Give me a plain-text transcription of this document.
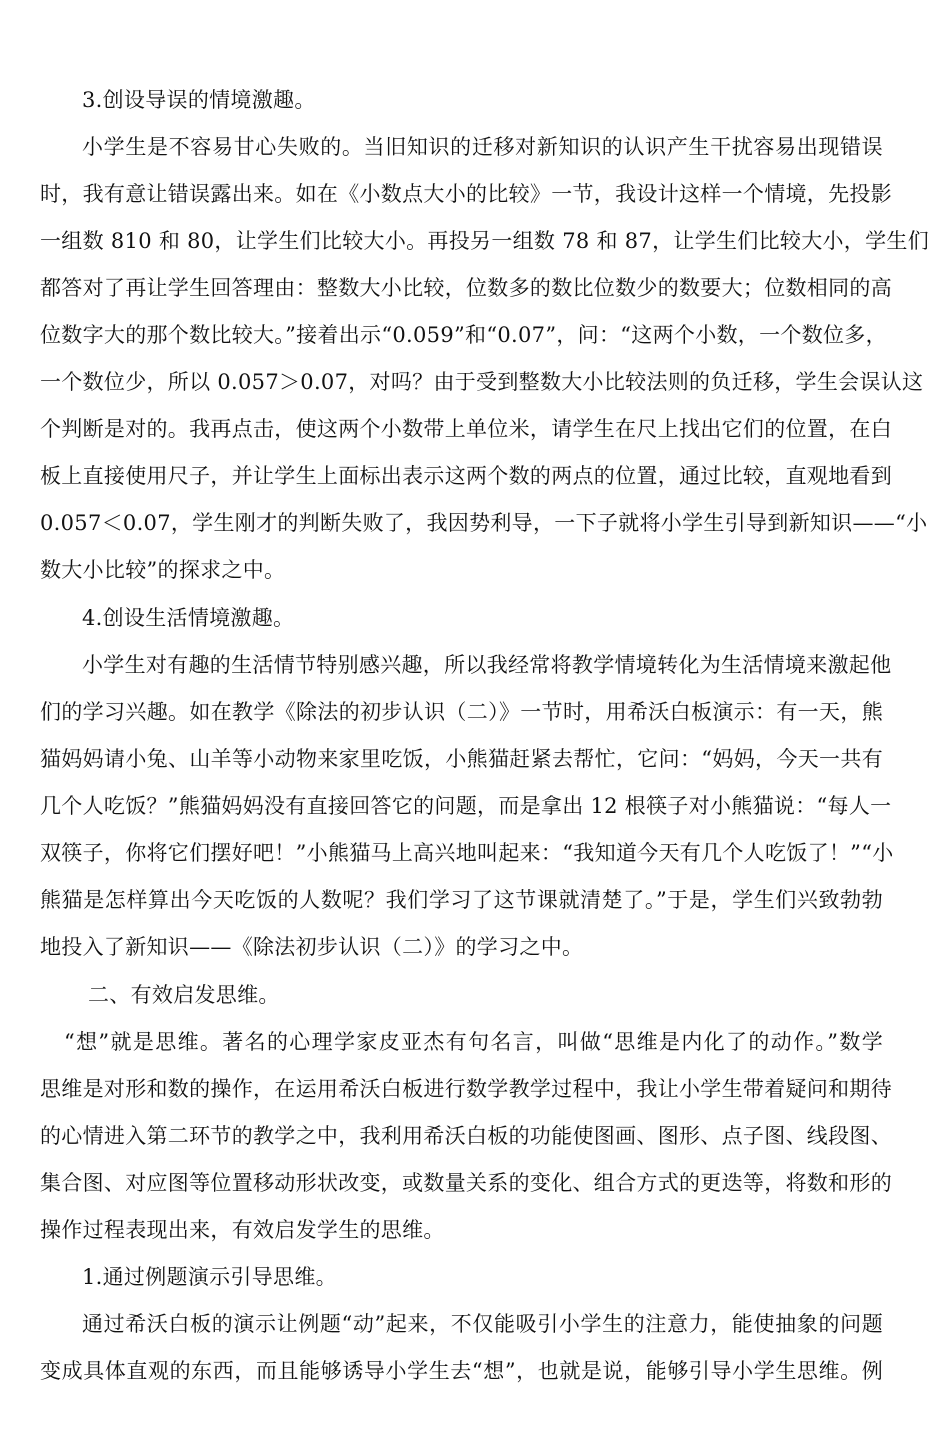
3.创设导误的情境激趣。
小学生是不容易甘心失败的。当旧知识的迁移对新知识的认识产生干扰容易出现错误
时，我有意让错误露出来。如在《小数点大小的比较》一节，我设计这样一个情境，先投影
一组数 810 和 80，让学生们比较大小。再投另一组数 78 和 87，让学生们比较大小，学生们
都答对了再让学生回答理由：整数大小比较，位数多的数比位数少的数要大；位数相同的高
位数字大的那个数比较大。”接着出示“0.059”和“0.07”，问：“这两个小数，一个数位多，
一个数位少，所以 0.057＞0.07，对吗？由于受到整数大小比较法则的负迁移，学生会误认这
个判断是对的。我再点击，使这两个小数带上单位米，请学生在尺上找出它们的位置，在白
板上直接使用尺子，并让学生上面标出表示这两个数的两点的位置，通过比较，直观地看到
0.057＜0.07，学生刚才的判断失败了，我因势利导，一下子就将小学生引导到新知识——“小
数大小比较”的探求之中。
4.创设生活情境激趣。
小学生对有趣的生活情节特别感兴趣，所以我经常将教学情境转化为生活情境来激起他
们的学习兴趣。如在教学《除法的初步认识（二）》一节时，用希沃白板演示：有一天，熊
猫妈妈请小兔、山羊等小动物来家里吃饭，小熊猫赶紧去帮忙，它问：“妈妈，今天一共有
几个人吃饭？”熊猫妈妈没有直接回答它的问题，而是拿出 12 根筷子对小熊猫说：“每人一
双筷子，你将它们摆好吧！”小熊猫马上高兴地叫起来：“我知道今天有几个人吃饭了！”“小
熊猫是怎样算出今天吃饭的人数呢？我们学习了这节课就清楚了。”于是，学生们兴致勃勃
地投入了新知识——《除法初步认识（二）》的学习之中。
二、有效启发思维。
“想”就是思维。著名的心理学家皮亚杰有句名言，叫做“思维是内化了的动作。”数学
思维是对形和数的操作，在运用希沃白板进行数学教学过程中，我让小学生带着疑问和期待
的心情进入第二环节的教学之中，我利用希沃白板的功能使图画、图形、点子图、线段图、
集合图、对应图等位置移动形状改变，或数量关系的变化、组合方式的更迭等，将数和形的
操作过程表现出来，有效启发学生的思维。
1.通过例题演示引导思维。
通过希沃白板的演示让例题“动”起来，不仅能吸引小学生的注意力，能使抽象的问题
变成具体直观的东西，而且能够诱导小学生去“想”，也就是说，能够引导小学生思维。例
